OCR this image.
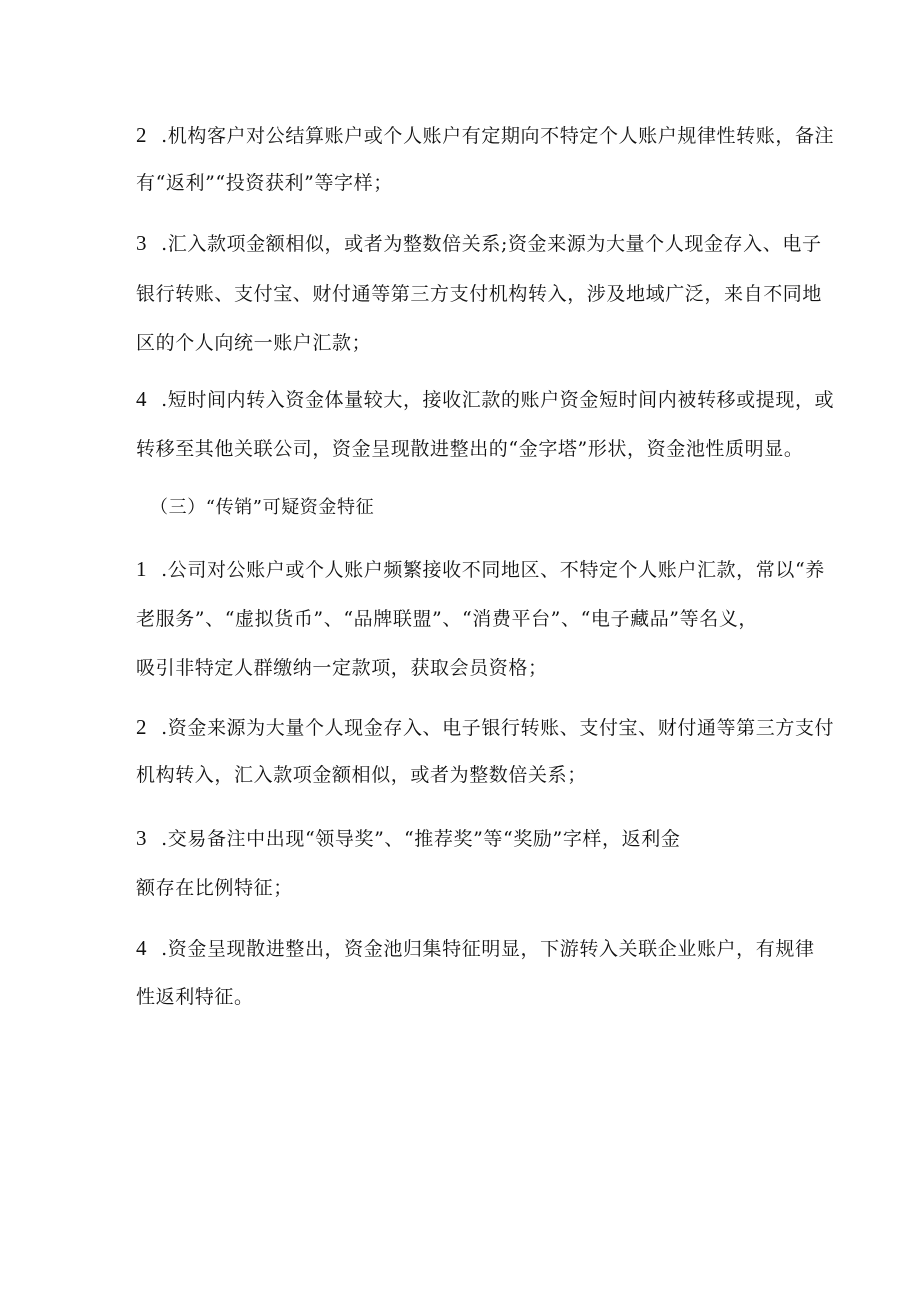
2 .机构客户对公结算账户或个人账户有定期向不特定个人账户规律性转账，备注
有“返利”“投资获利”等字样；
3 .汇入款项金额相似，或者为整数倍关系;资金来源为大量个人现金存入、电子
银行转账、支付宝、财付通等第三方支付机构转入，涉及地域广泛，来自不同地
区的个人向统一账户汇款；
4 .短时间内转入资金体量较大，接收汇款的账户资金短时间内被转移或提现，或
转移至其他关联公司，资金呈现散进整出的“金字塔”形状，资金池性质明显。
（三）“传销”可疑资金特征
1 .公司对公账户或个人账户频繁接收不同地区、不特定个人账户汇款，常以“养
老服务”、“虚拟货币”、“品牌联盟”、“消费平台”、“电子藏品”等名义，
吸引非特定人群缴纳一定款项，获取会员资格；
2 .资金来源为大量个人现金存入、电子银行转账、支付宝、财付通等第三方支付
机构转入，汇入款项金额相似，或者为整数倍关系；
3 .交易备注中出现“领导奖”、“推荐奖”等“奖励”字样，返利金
额存在比例特征；
4 .资金呈现散进整出，资金池归集特征明显，下游转入关联企业账户，有规律
性返利特征。
